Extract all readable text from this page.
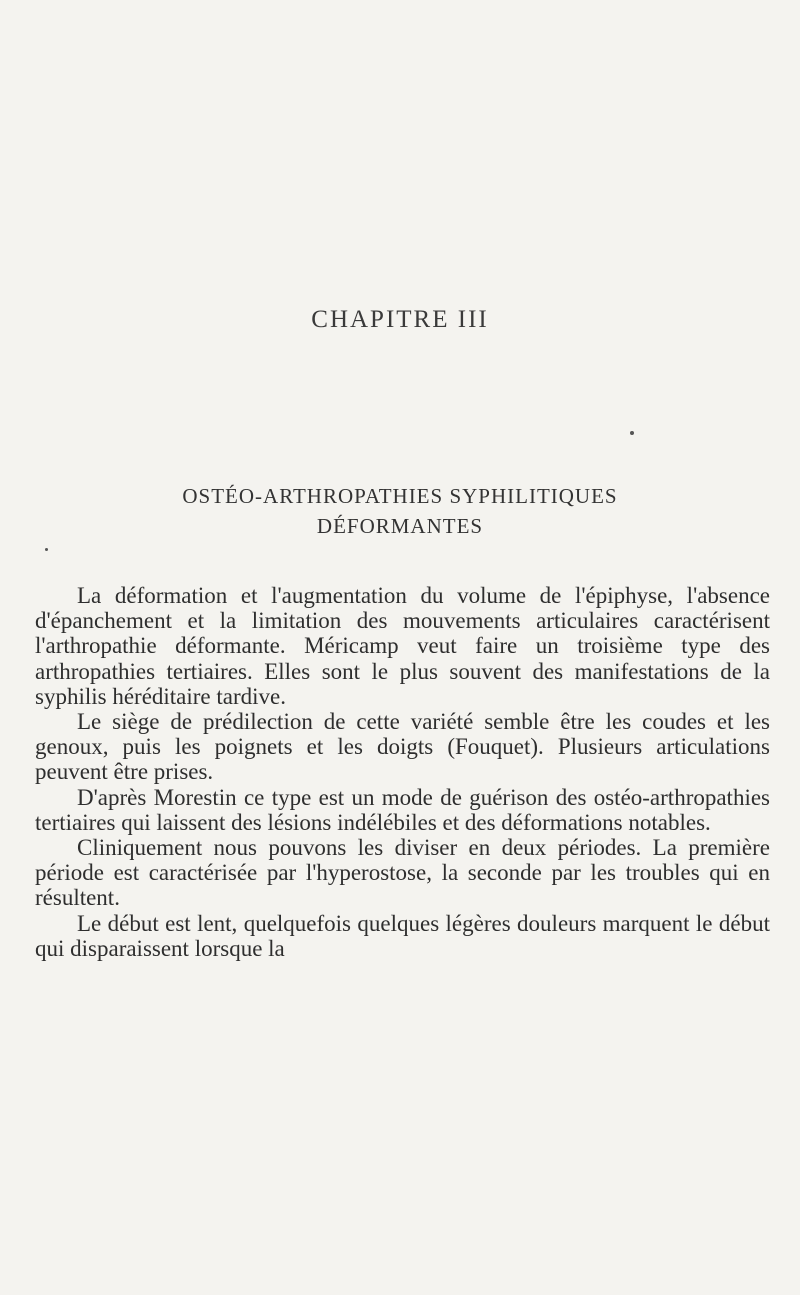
CHAPITRE III
OSTÉO-ARTHROPATHIES SYPHILITIQUES
DÉFORMANTES

La déformation et l'augmentation du volume de l'épiphyse, l'absence d'épanchement et la limitation des mouvements articulaires caractérisent l'arthropathie déformante. Méricamp veut faire un troisième type des arthropathies tertiaires. Elles sont le plus souvent des manifestations de la syphilis héréditaire tardive.

Le siège de prédilection de cette variété semble être les coudes et les genoux, puis les poignets et les doigts (Fouquet). Plusieurs articulations peuvent être prises.

D'après Morestin ce type est un mode de guérison des ostéo-arthropathies tertiaires qui laissent des lésions indélébiles et des déformations notables.

Cliniquement nous pouvons les diviser en deux périodes. La première période est caractérisée par l'hyperostose, la seconde par les troubles qui en résultent.

Le début est lent, quelquefois quelques légères douleurs marquent le début qui disparaissent lorsque la
